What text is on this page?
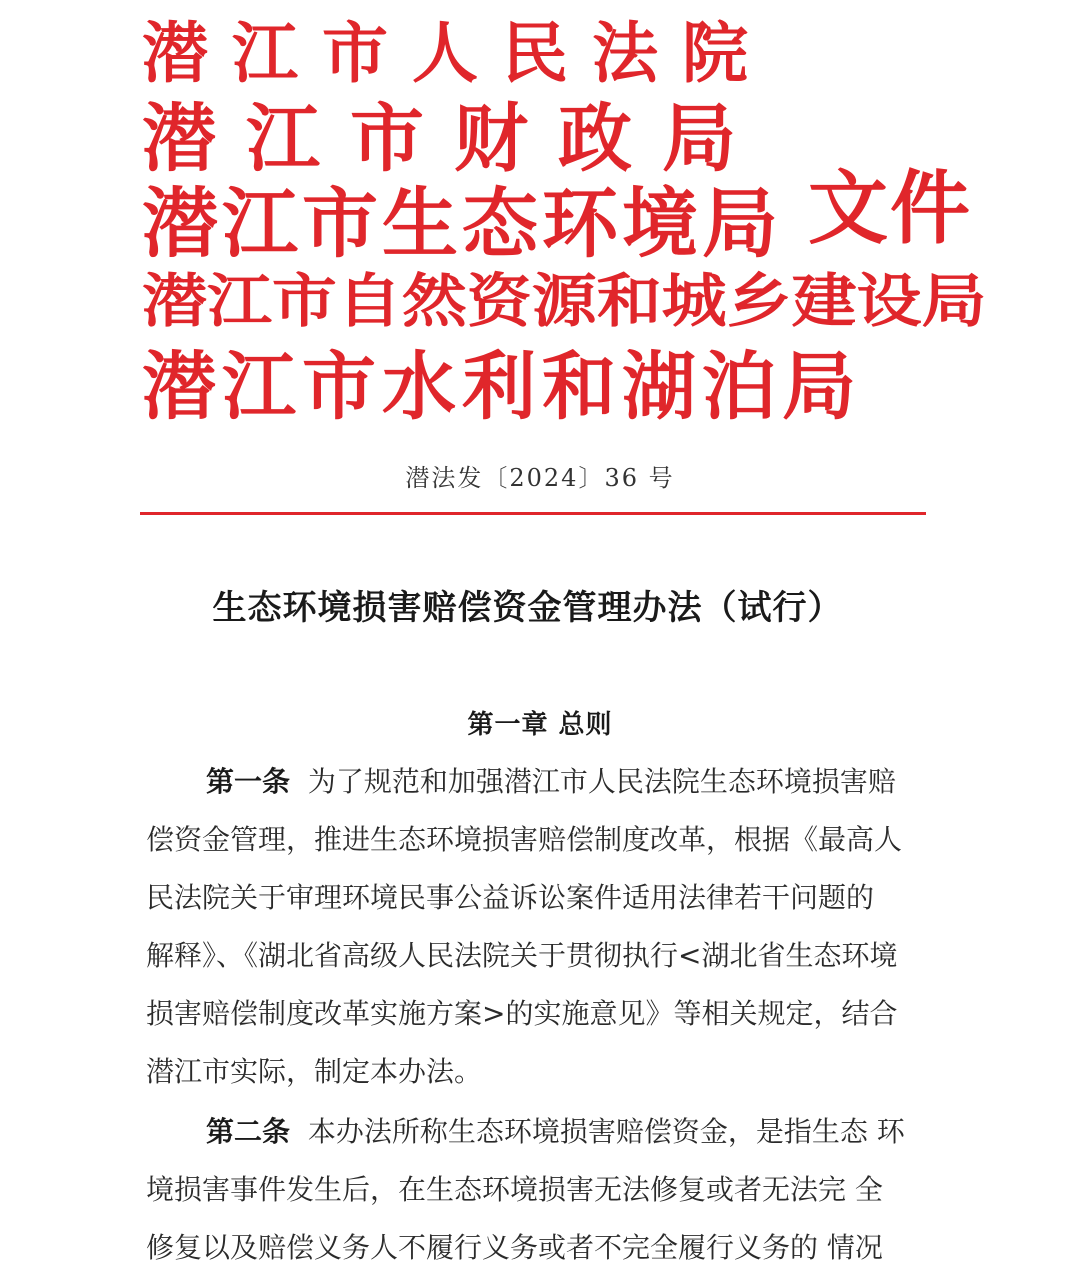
潜江市人民法院
潜江市财政局
潜江市生态环境局
潜江市自然资源和城乡建设局
潜江市水利和湖泊局
文件
潜法发〔2024〕36 号
生态环境损害赔偿资金管理办法（试行）
第一章 总则
第一条 为了规范和加强潜江市人民法院生态环境损害赔
偿资金管理，推进生态环境损害赔偿制度改革，根据《最高人
民法院关于审理环境民事公益诉讼案件适用法律若干问题的
解释》、《湖北省高级人民法院关于贯彻执行<湖北省生态环境
损害赔偿制度改革实施方案>的实施意见》等相关规定，结合
潜江市实际，制定本办法。
第二条 本办法所称生态环境损害赔偿资金，是指生态 环
境损害事件发生后，在生态环境损害无法修复或者无法完 全
修复以及赔偿义务人不履行义务或者不完全履行义务的 情况
